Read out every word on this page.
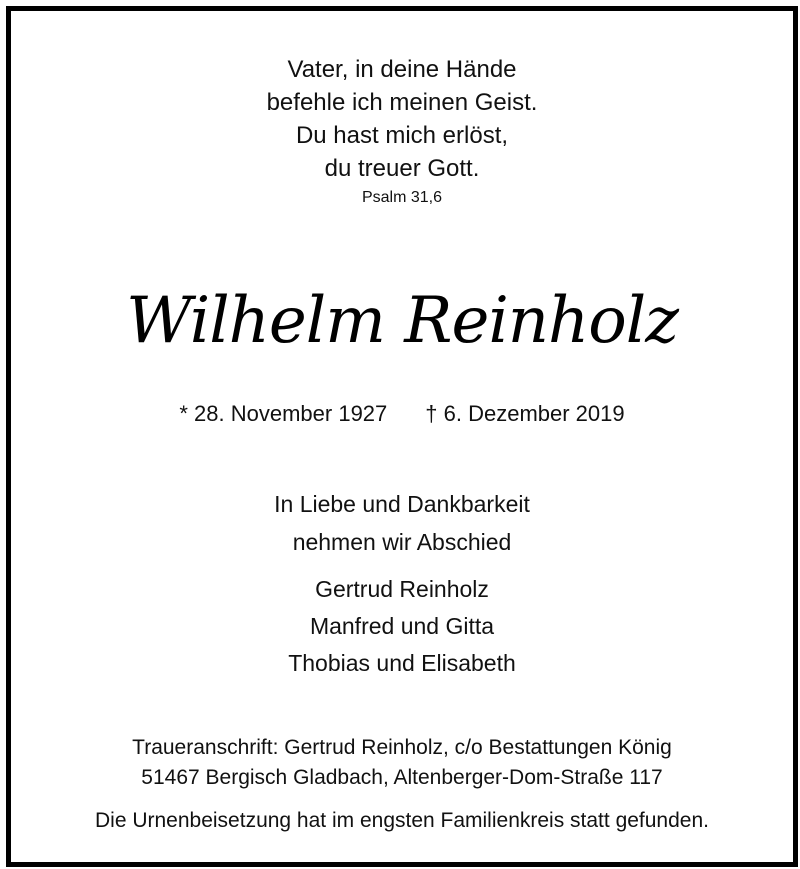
Vater, in deine Hände
befehle ich meinen Geist.
Du hast mich erlöst,
du treuer Gott.
Psalm 31,6
Wilhelm Reinholz
* 28. November 1927 † 6. Dezember 2019
In Liebe und Dankbarkeit
nehmen wir Abschied
Gertrud Reinholz
Manfred und Gitta
Thobias und Elisabeth
Traueranschrift: Gertrud Reinholz, c/o Bestattungen König
51467 Bergisch Gladbach, Altenberger-Dom-Straße 117
Die Urnenbeisetzung hat im engsten Familienkreis statt gefunden.
